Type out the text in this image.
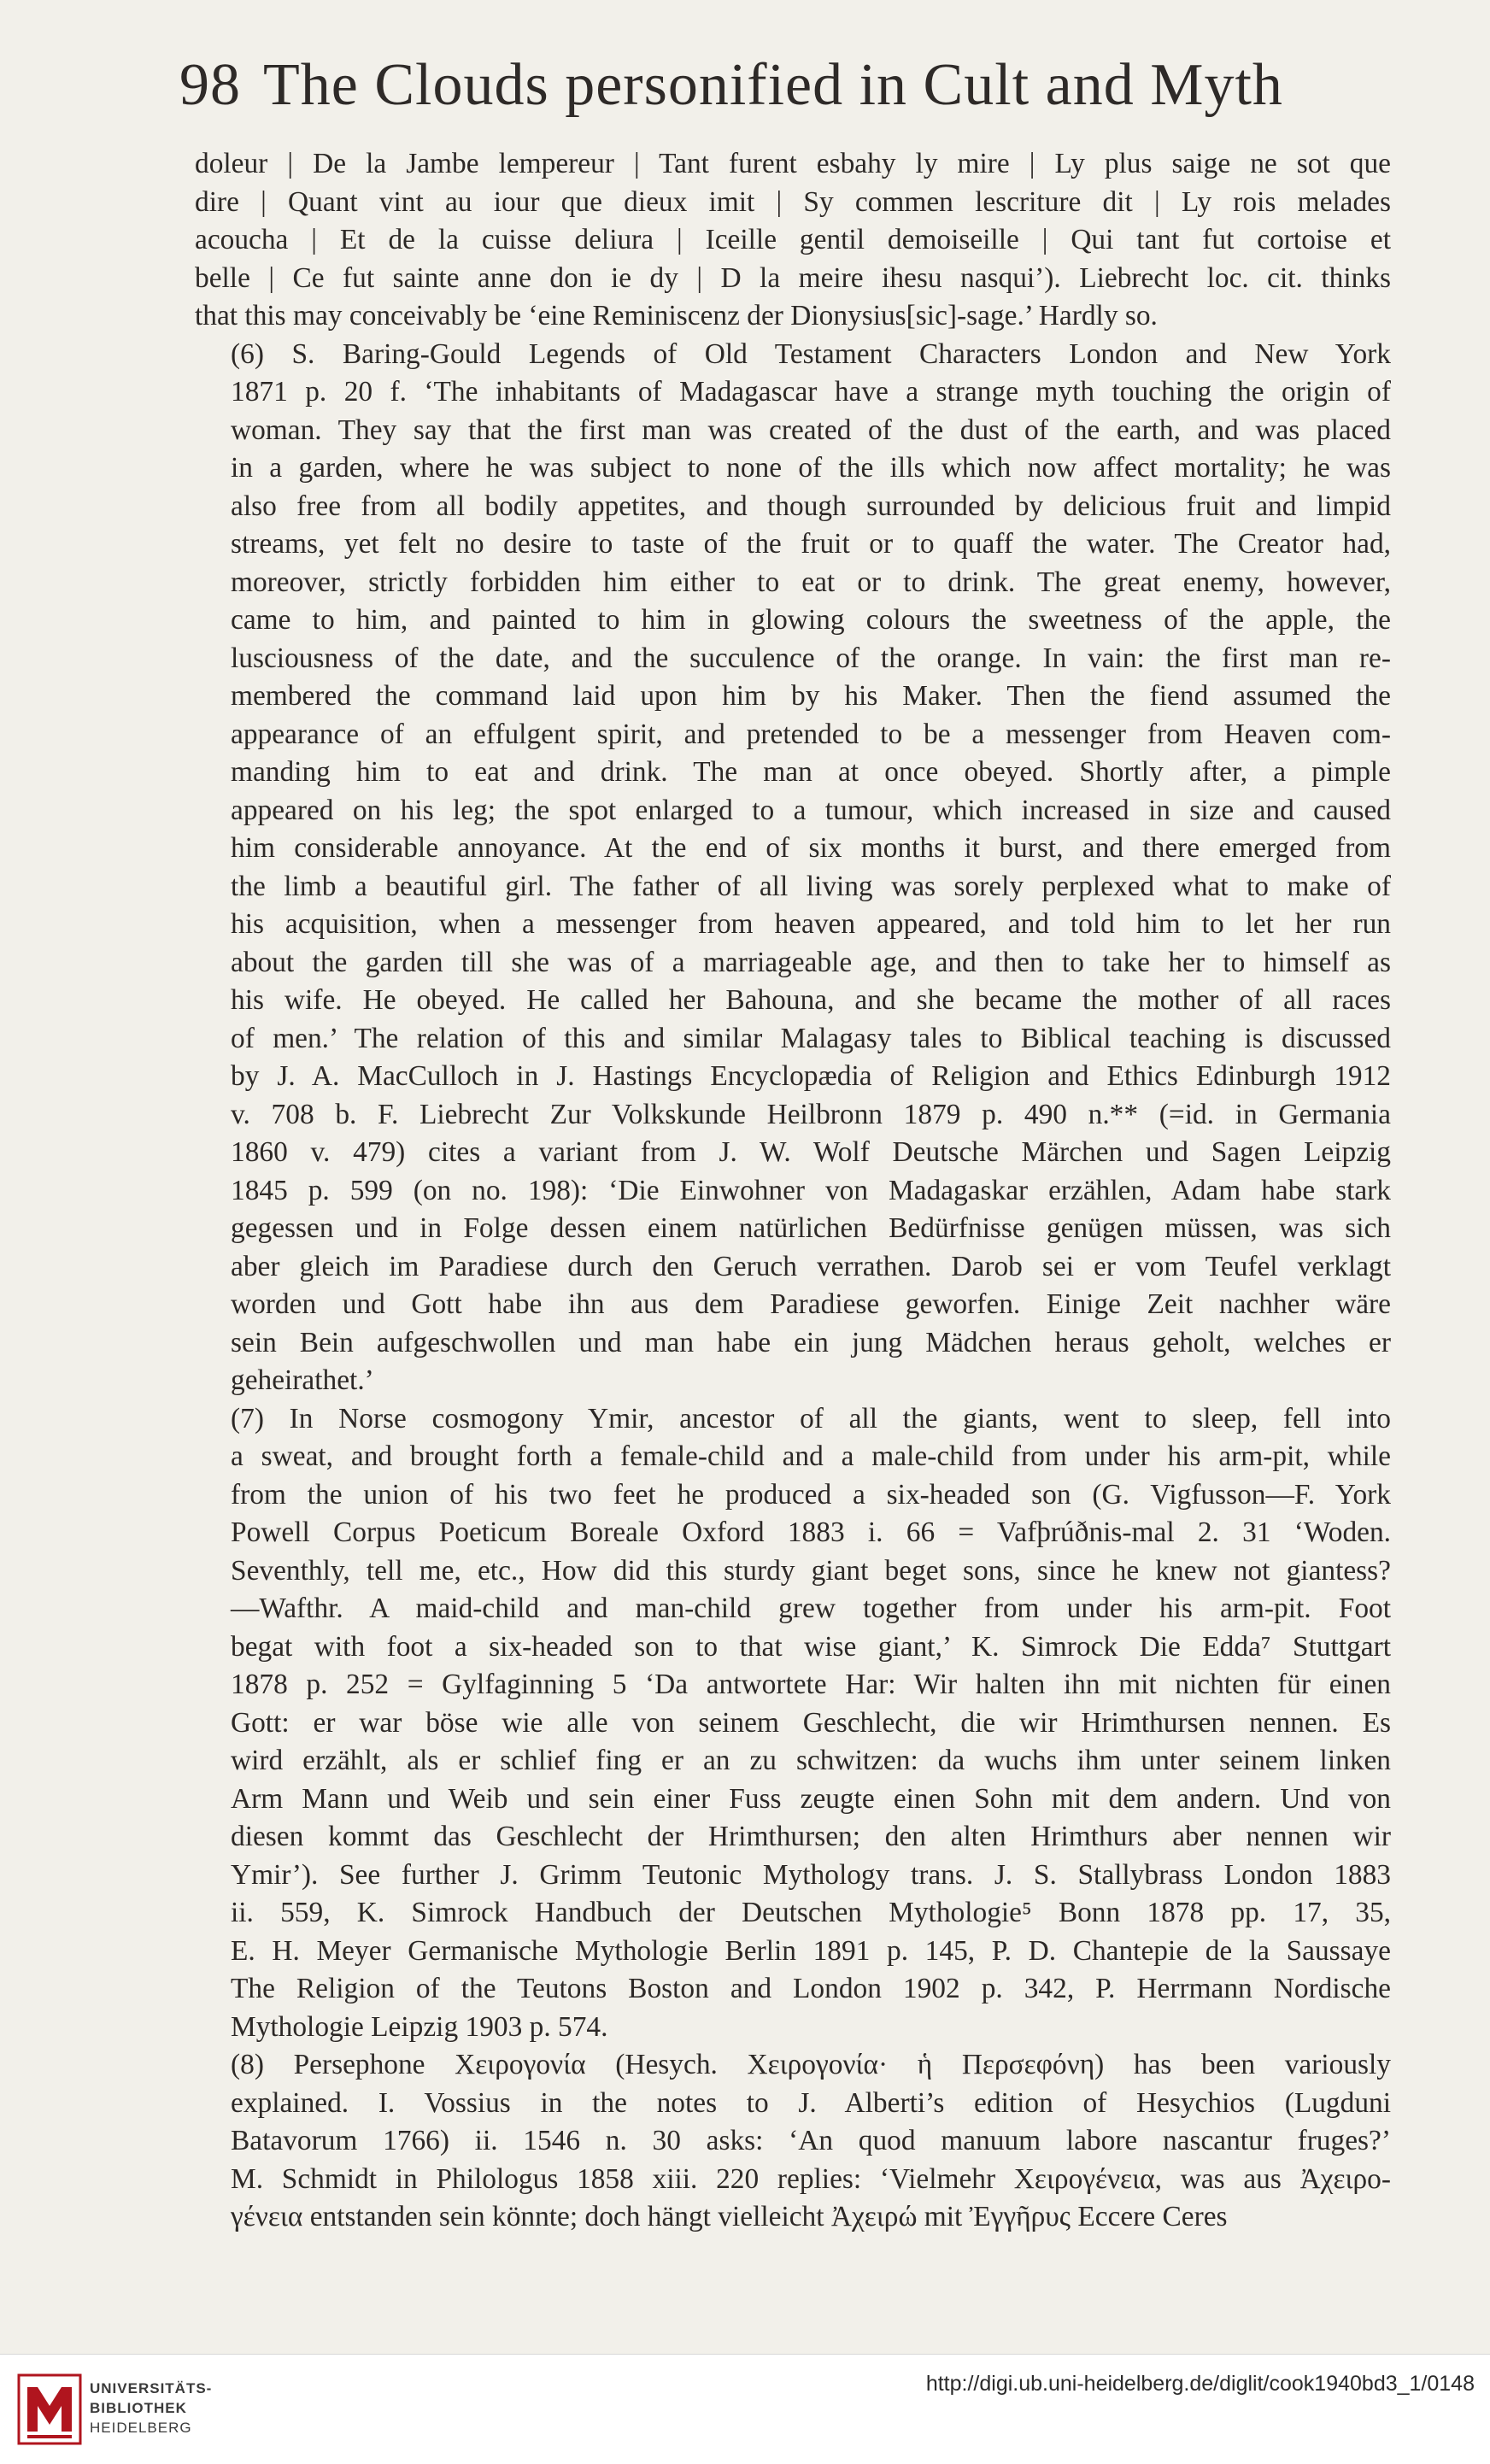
98 The Clouds personified in Cult and Myth
doleur | De la Jambe lempereur | Tant furent esbahy ly mire | Ly plus saige ne sot que
dire | Quant vint au iour que dieux imit | Sy commen lescriture dit | Ly rois melades
acoucha | Et de la cuisse deliura | Iceille gentil demoiseille | Qui tant fut cortoise et
belle | Ce fut sainte anne don ie dy | D la meire ihesu nasqui’). Liebrecht loc. cit. thinks
that this may conceivably be ‘eine Reminiscenz der Dionysius[sic]-sage.’ Hardly so.
(6) S. Baring-Gould Legends of Old Testament Characters London and New York
1871 p. 20 f. ‘The inhabitants of Madagascar have a strange myth touching the origin of
woman. They say that the first man was created of the dust of the earth, and was placed
in a garden, where he was subject to none of the ills which now affect mortality; he was
also free from all bodily appetites, and though surrounded by delicious fruit and limpid
streams, yet felt no desire to taste of the fruit or to quaff the water. The Creator had,
moreover, strictly forbidden him either to eat or to drink. The great enemy, however,
came to him, and painted to him in glowing colours the sweetness of the apple, the
lusciousness of the date, and the succulence of the orange. In vain: the first man re-
membered the command laid upon him by his Maker. Then the fiend assumed the
appearance of an effulgent spirit, and pretended to be a messenger from Heaven com-
manding him to eat and drink. The man at once obeyed. Shortly after, a pimple
appeared on his leg; the spot enlarged to a tumour, which increased in size and caused
him considerable annoyance. At the end of six months it burst, and there emerged from
the limb a beautiful girl. The father of all living was sorely perplexed what to make of
his acquisition, when a messenger from heaven appeared, and told him to let her run
about the garden till she was of a marriageable age, and then to take her to himself as
his wife. He obeyed. He called her Bahouna, and she became the mother of all races
of men.’ The relation of this and similar Malagasy tales to Biblical teaching is discussed
by J. A. MacCulloch in J. Hastings Encyclopædia of Religion and Ethics Edinburgh 1912
v. 708 b. F. Liebrecht Zur Volkskunde Heilbronn 1879 p. 490 n.** (=id. in Germania
1860 v. 479) cites a variant from J. W. Wolf Deutsche Märchen und Sagen Leipzig
1845 p. 599 (on no. 198): ‘Die Einwohner von Madagaskar erzählen, Adam habe stark
gegessen und in Folge dessen einem natürlichen Bedürfnisse genügen müssen, was sich
aber gleich im Paradiese durch den Geruch verrathen. Darob sei er vom Teufel verklagt
worden und Gott habe ihn aus dem Paradiese geworfen. Einige Zeit nachher wäre
sein Bein aufgeschwollen und man habe ein jung Mädchen heraus geholt, welches er
geheirathet.’
(7) In Norse cosmogony Ymir, ancestor of all the giants, went to sleep, fell into
a sweat, and brought forth a female-child and a male-child from under his arm-pit, while
from the union of his two feet he produced a six-headed son (G. Vigfusson—F. York
Powell Corpus Poeticum Boreale Oxford 1883 i. 66 = Vafþrúðnis-mal 2. 31 ‘Woden.
Seventhly, tell me, etc., How did this sturdy giant beget sons, since he knew not giantess?
—Wafthr. A maid-child and man-child grew together from under his arm-pit. Foot
begat with foot a six-headed son to that wise giant,’ K. Simrock Die Edda⁷ Stuttgart
1878 p. 252 = Gylfaginning 5 ‘Da antwortete Har: Wir halten ihn mit nichten für einen
Gott: er war böse wie alle von seinem Geschlecht, die wir Hrimthursen nennen. Es
wird erzählt, als er schlief fing er an zu schwitzen: da wuchs ihm unter seinem linken
Arm Mann und Weib und sein einer Fuss zeugte einen Sohn mit dem andern. Und von
diesen kommt das Geschlecht der Hrimthursen; den alten Hrimthurs aber nennen wir
Ymir’). See further J. Grimm Teutonic Mythology trans. J. S. Stallybrass London 1883
ii. 559, K. Simrock Handbuch der Deutschen Mythologie⁵ Bonn 1878 pp. 17, 35,
E. H. Meyer Germanische Mythologie Berlin 1891 p. 145, P. D. Chantepie de la Saussaye
The Religion of the Teutons Boston and London 1902 p. 342, P. Herrmann Nordische
Mythologie Leipzig 1903 p. 574.
(8) Persephone Χειρογονία (Hesych. Χειρογονία· ἡ Περσεφόνη) has been variously
explained. I. Vossius in the notes to J. Alberti’s edition of Hesychios (Lugduni
Batavorum 1766) ii. 1546 n. 30 asks: ‘An quod manuum labore nascantur fruges?’
M. Schmidt in Philologus 1858 xiii. 220 replies: ‘Vielmehr Χειρογένεια, was aus Ἀχειρο-
γένεια entstanden sein könnte; doch hängt vielleicht Ἀχειρώ mit Ἐγγῆρυς Eccere Ceres
UNIVERSITÄTS-
BIBLIOTHEK
HEIDELBERG
http://digi.ub.uni-heidelberg.de/diglit/cook1940bd3_1/0148
